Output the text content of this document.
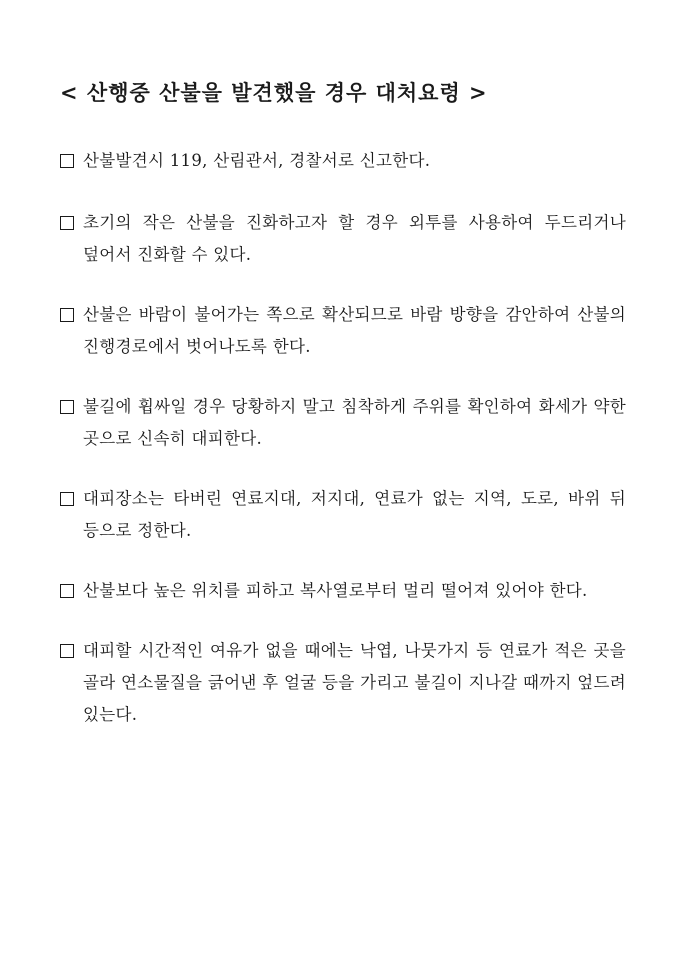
< 산행중 산불을 발견했을 경우 대처요령 >
산불발견시 119, 산림관서, 경찰서로 신고한다.
초기의 작은 산불을 진화하고자 할 경우 외투를 사용하여 두드리거나 덮어서 진화할 수 있다.
산불은 바람이 불어가는 쪽으로 확산되므로 바람 방향을 감안하여 산불의 진행경로에서 벗어나도록 한다.
불길에 휩싸일 경우 당황하지 말고 침착하게 주위를 확인하여 화세가 약한 곳으로 신속히 대피한다.
대피장소는 타버린 연료지대, 저지대, 연료가 없는 지역, 도로, 바위 뒤 등으로 정한다.
산불보다 높은 위치를 피하고 복사열로부터 멀리 떨어져 있어야 한다.
대피할 시간적인 여유가 없을 때에는 낙엽, 나뭇가지 등 연료가 적은 곳을 골라 연소물질을 긁어낸 후 얼굴 등을 가리고 불길이 지나갈 때까지 엎드려 있는다.
